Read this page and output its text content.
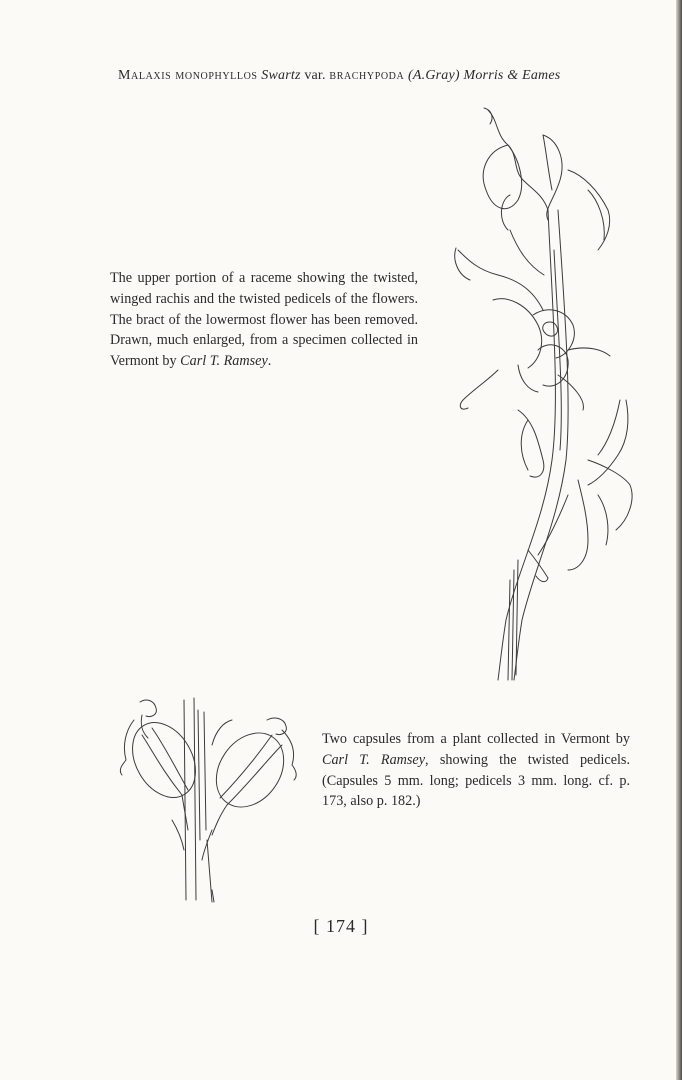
Malaxis monophyllos Swartz var. brachypoda (A.Gray) Morris & Eames
The upper portion of a raceme showing the twisted, winged rachis and the twisted pedicels of the flowers. The bract of the lowermost flower has been removed. Drawn, much enlarged, from a specimen collected in Vermont by Carl T. Ramsey.
Two capsules from a plant collected in Vermont by Carl T. Ramsey, showing the twisted pedicels. (Capsules 5 mm. long; pedicels 3 mm. long. cf. p. 173, also p. 182.)
[ 174 ]
